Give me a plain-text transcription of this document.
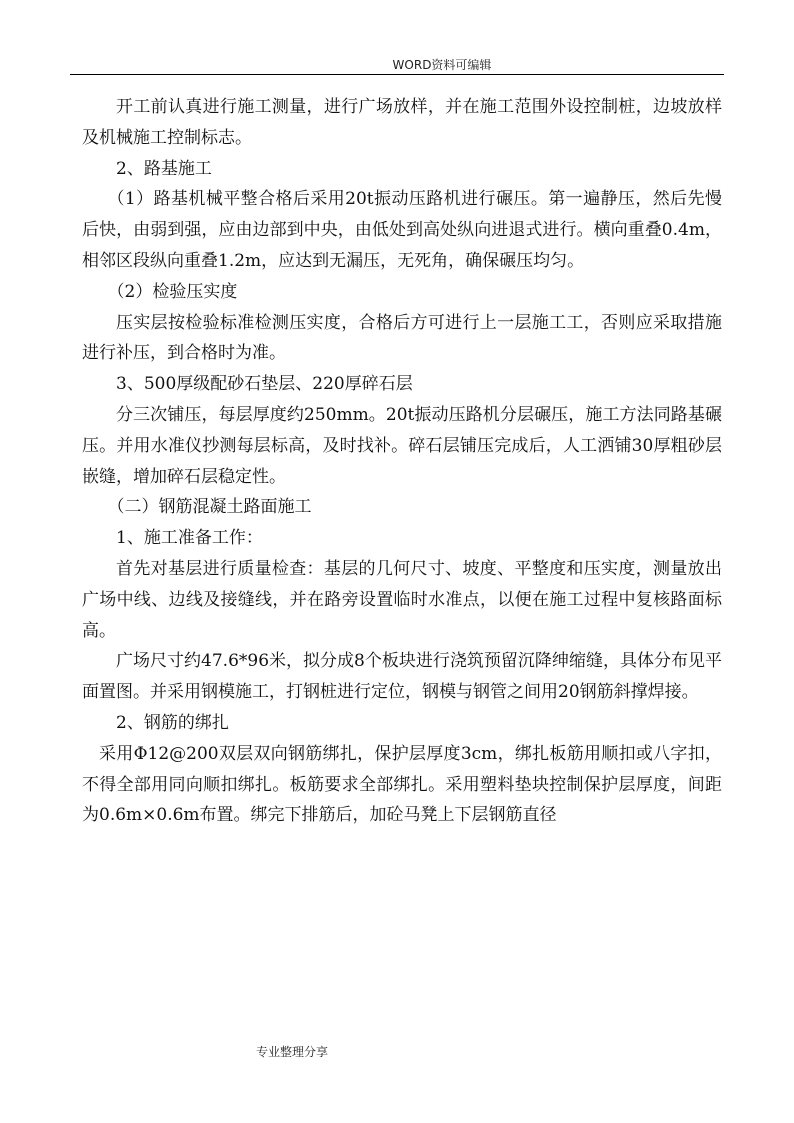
WORD资料可编辑

开工前认真进行施工测量，进行广场放样，并在施工范围外设控制桩，边坡放样及机械施工控制标志。

2、路基施工

（1）路基机械平整合格后采用20t振动压路机进行碾压。第一遍静压，然后先慢后快，由弱到强，应由边部到中央，由低处到高处纵向进退式进行。横向重叠0.4m，相邻区段纵向重叠1.2m，应达到无漏压，无死角，确保碾压均匀。

（2）检验压实度

压实层按检验标准检测压实度，合格后方可进行上一层施工工，否则应采取措施进行补压，到合格时为准。

3、500厚级配砂石垫层、220厚碎石层

分三次铺压，每层厚度约250mm。20t振动压路机分层碾压，施工方法同路基碾压。并用水准仪抄测每层标高，及时找补。碎石层铺压完成后，人工洒铺30厚粗砂层嵌缝，增加碎石层稳定性。

（二）钢筋混凝土路面施工

1、施工准备工作：

首先对基层进行质量检查：基层的几何尺寸、坡度、平整度和压实度，测量放出广场中线、边线及接缝线，并在路旁设置临时水准点，以便在施工过程中复核路面标高。

广场尺寸约47.6*96米，拟分成8个板块进行浇筑预留沉降绅缩缝，具体分布见平面置图。并采用钢模施工，打钢桩进行定位，钢模与钢管之间用20钢筋斜撑焊接。

2、钢筋的绑扎

采用Φ12@200双层双向钢筋绑扎，保护层厚度3cm，绑扎板筋用顺扣或八字扣，不得全部用同向顺扣绑扎。板筋要求全部绑扎。采用塑料垫块控制保护层厚度，间距为0.6m×0.6m布置。绑完下排筋后，加砼马凳上下层钢筋直径

专业整理分享
